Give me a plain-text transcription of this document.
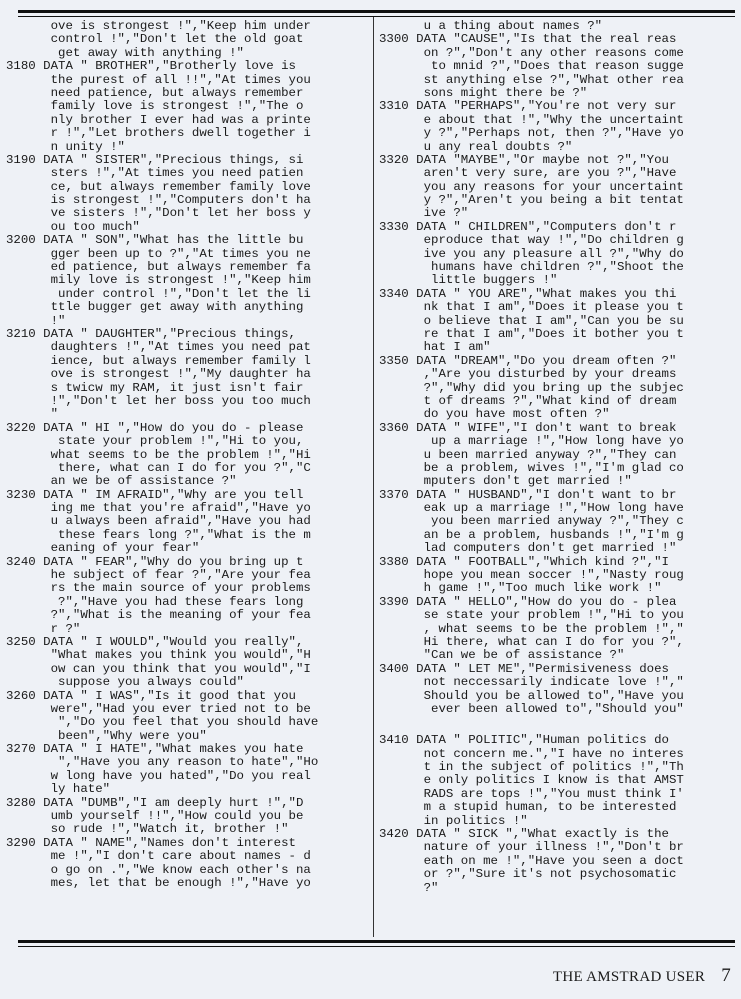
ove is strongest !","Keep him under
control !","Don't let the old goat
get away with anything !"
3180 DATA " BROTHER","Brotherly love is
the purest of all !!","At times you
need patience, but always remember
family love is strongest !","The o
nly brother I ever had was a printe
r !","Let brothers dwell together i
n unity !"
3190 DATA " SISTER","Precious things, si
sters !","At times you need patien
ce, but always remember family love
is strongest !","Computers don't ha
ve sisters !","Don't let her boss y
ou too much"
3200 DATA " SON","What has the little bu
gger been up to ?","At times you ne
ed patience, but always remember fa
mily love is strongest !","Keep him
under control !","Don't let the li
ttle bugger get away with anything
!"
3210 DATA " DAUGHTER","Precious things,
daughters !","At times you need pat
ience, but always remember family l
ove is strongest !","My daughter ha
s twicw my RAM, it just isn't fair
!","Don't let her boss you too much
"
3220 DATA " HI ","How do you do - please
state your problem !","Hi to you,
what seems to be the problem !","Hi
there, what can I do for you ?","C
an we be of assistance ?"
3230 DATA " IM AFRAID","Why are you tell
ing me that you're afraid","Have yo
u always been afraid","Have you had
these fears long ?","What is the m
eaning of your fear"
3240 DATA " FEAR","Why do you bring up t
he subject of fear ?","Are your fea
rs the main source of your problems
?","Have you had these fears long
?","What is the meaning of your fea
r ?"
3250 DATA " I WOULD","Would you really",
"What makes you think you would","H
ow can you think that you would","I
suppose you always could"
3260 DATA " I WAS","Is it good that you
were","Had you ever tried not to be
","Do you feel that you should have
been","Why were you"
3270 DATA " I HATE","What makes you hate
","Have you any reason to hate","Ho
w long have you hated","Do you real
ly hate"
3280 DATA "DUMB","I am deeply hurt !","D
umb yourself !!","How could you be
so rude !","Watch it, brother !"
3290 DATA " NAME","Names don't interest
me !","I don't care about names - d
o go on .","We know each other's na
mes, let that be enough !","Have yo
u a thing about names ?"
3300 DATA "CAUSE","Is that the real reas
on ?","Don't any other reasons come
to mnid ?","Does that reason sugge
st anything else ?","What other rea
sons might there be ?"
3310 DATA "PERHAPS","You're not very sur
e about that !","Why the uncertaint
y ?","Perhaps not, then ?","Have yo
u any real doubts ?"
3320 DATA "MAYBE","Or maybe not ?","You
aren't very sure, are you ?","Have
you any reasons for your uncertaint
y ?","Aren't you being a bit tentat
ive ?"
3330 DATA " CHILDREN","Computers don't r
eproduce that way !","Do children g
ive you any pleasure all ?","Why do
humans have children ?","Shoot the
little buggers !"
3340 DATA " YOU ARE","What makes you thi
nk that I am","Does it please you t
o believe that I am","Can you be su
re that I am","Does it bother you t
hat I am"
3350 DATA "DREAM","Do you dream often ?"
,"Are you disturbed by your dreams
?","Why did you bring up the subjec
t of dreams ?","What kind of dream
do you have most often ?"
3360 DATA " WIFE","I don't want to break
up a marriage !","How long have yo
u been married anyway ?","They can
be a problem, wives !","I'm glad co
mputers don't get married !"
3370 DATA " HUSBAND","I don't want to br
eak up a marriage !","How long have
you been married anyway ?","They c
an be a problem, husbands !","I'm g
lad computers don't get married !"
3380 DATA " FOOTBALL","Which kind ?","I
hope you mean soccer !","Nasty roug
h game !","Too much like work !"
3390 DATA " HELLO","How do you do - plea
se state your problem !","Hi to you
, what seems to be the problem !","
Hi there, what can I do for you ?",
"Can we be of assistance ?"
3400 DATA " LET ME","Permisiveness does
not neccessarily indicate love !","
Should you be allowed to","Have you
ever been allowed to","Should you"
3410 DATA " POLITIC","Human politics do
not concern me.","I have no interes
t in the subject of politics !","Th
e only politics I know is that AMST
RADS are tops !","You must think I'
m a stupid human, to be interested
in politics !"
3420 DATA " SICK ","What exactly is the
nature of your illness !","Don't br
eath on me !","Have you seen a doct
or ?","Sure it's not psychosomatic
?"
THE AMSTRAD USER 7
